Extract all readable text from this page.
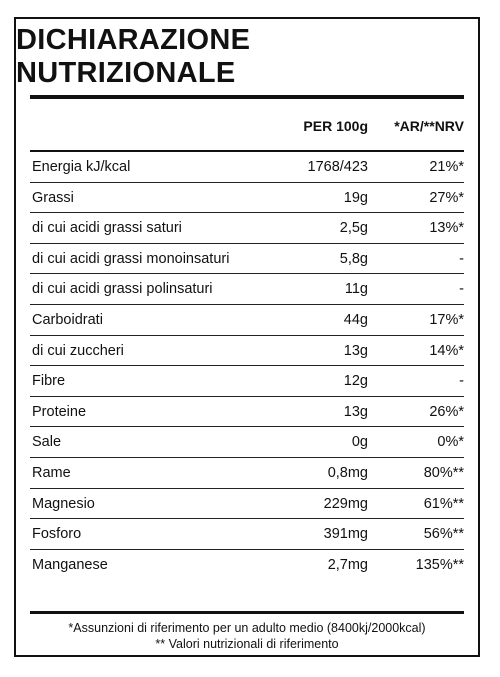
DICHIARAZIONE NUTRIZIONALE
PER 100g	*AR/**NRV
Energia kJ/kcal	1768/423	21%*
Grassi	19g	27%*
di cui acidi grassi saturi	2,5g	13%*
di cui acidi grassi monoinsaturi	5,8g	-
di cui acidi grassi polinsaturi	11g	-
Carboidrati	44g	17%*
di cui zuccheri	13g	14%*
Fibre	12g	-
Proteine	13g	26%*
Sale	0g	0%*
Rame	0,8mg	80%**
Magnesio	229mg	61%**
Fosforo	391mg	56%**
Manganese	2,7mg	135%**
*Assunzioni di riferimento per un adulto medio (8400kj/2000kcal)
** Valori nutrizionali di riferimento
